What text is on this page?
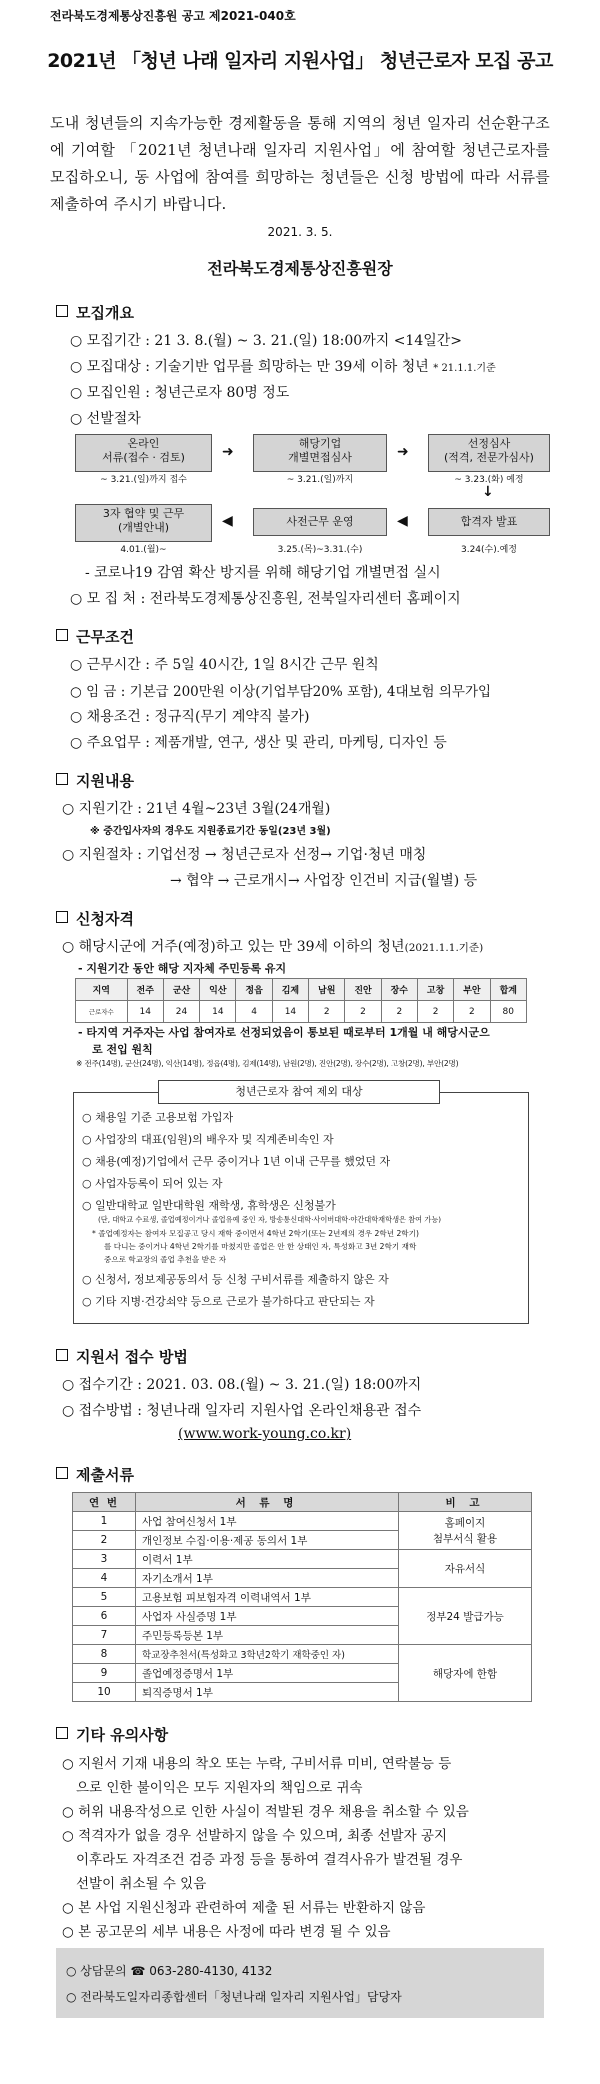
전라북도경제통상진흥원 공고 제2021-040호
2021년 「청년 나래 일자리 지원사업」 청년근로자 모집 공고
도내 청년들의 지속가능한 경제활동을 통해 지역의 청년 일자리 선순환구조에 기여할 「2021년 청년나래 일자리 지원사업」에 참여할 청년근로자를 모집하오니, 동 사업에 참여를 희망하는 청년들은 신청 방법에 따라 서류를 제출하여 주시기 바랍니다.
2021. 3. 5.
전라북도경제통상진흥원장
모집개요
○ 모집기간 : 21 3. 8.(월) ~ 3. 21.(일) 18:00까지 <14일간>
○ 모집대상 : 기술기반 업무를 희망하는 만 39세 이하 청년 * 21.1.1.기준
○ 모집인원 : 청년근로자 80명 정도
○ 선발절차
온라인
서류(접수 · 검토)
~ 3.21.(일)까지 접수
➜
해당기업
개별면접심사
~ 3.21.(일)까지
➜
선정심사
(적격, 전문가심사)
~ 3.23.(화) 예정
↓
3자 협약 및 근무
(개별안내)
4.01.(월)~
◀	사전근무 운영
3.25.(목)~3.31.(수)
◀	합격자 발표
3.24(수).예정
- 코로나19 감염 확산 방지를 위해 해당기업 개별면접 실시
○ 모 집 처 : 전라북도경제통상진흥원, 전북일자리센터 홈페이지
근무조건
○ 근무시간 : 주 5일 40시간, 1일 8시간 근무 원칙
○ 임 금 : 기본급 200만원 이상(기업부담20% 포함), 4대보험 의무가입
○ 채용조건 : 정규직(무기 계약직 불가)
○ 주요업무 : 제품개발, 연구, 생산 및 관리, 마케팅, 디자인 등
지원내용
○ 지원기간 : 21년 4월~23년 3월(24개월)
※ 중간입사자의 경우도 지원종료기간 동일(23년 3월)
○ 지원절차 : 기업선정 → 청년근로자 선정→ 기업·청년 매칭
→ 협약 → 근로개시→ 사업장 인건비 지급(월별) 등
신청자격
○ 해당시군에 거주(예정)하고 있는 만 39세 이하의 청년(2021.1.1.기준)
- 지원기간 동안 해당 지자체 주민등록 유지
지역	전주	군산	익산	정읍	김제	남원	진안	장수	고창	부안	합계
근로자수	14	24	14	4	14	2	2	2	2	2	80
- 타지역 거주자는 사업 참여자로 선정되었음이 통보된 때로부터 1개월 내 해당시군으
로 전입 원칙
※ 전주(14명), 군산(24명), 익산(14명), 정읍(4명), 김제(14명), 남원(2명), 진안(2명), 장수(2명), 고창(2명), 부안(2명)
○ 채용일 기준 고용보험 가입자
○ 사업장의 대표(임원)의 배우자 및 직계존비속인 자
○ 채용(예정)기업에서 근무 중이거나 1년 이내 근무를 했었던 자
○ 사업자등록이 되어 있는 자
○ 일반대학교 일반대학원 재학생, 휴학생은 신청불가
(단, 대학교 수료생, 졸업예정이거나 졸업유예 중인 자, 방송통신대학·사이버대학·야간대학재학생은 참여 가능)
* 졸업예정자는 참여자 모집공고 당시 재학 중이면서 4학년 2학기(또는 2년제의 경우 2학년 2학기)
를 다니는 중이거나 4학년 2학기를 마쳤지만 졸업은 안 한 상태인 자, 특성화고 3년 2학기 재학
중으로 학교장의 졸업 추천을 받은 자
○ 신청서, 정보제공동의서 등 신청 구비서류를 제출하지 않은 자
○ 기타 지병·건강쇠약 등으로 근로가 불가하다고 판단되는 자
청년근로자 참여 제외 대상
지원서 접수 방법
○ 접수기간 : 2021. 03. 08.(월) ~ 3. 21.(일) 18:00까지
○ 접수방법 : 청년나래 일자리 지원사업 온라인채용관 접수
(www.work-young.co.kr)
제출서류
연 번	서 류 명	비 고
1	사업 참여신청서 1부	홈페이지
첨부서식 활용
2	개인정보 수집·이용·제공 동의서 1부	
3	이력서 1부	자유서식
4	자기소개서 1부	
5	고용보험 피보험자격 이력내역서 1부	정부24 발급가능
6	사업자 사실증명 1부	
7	주민등록등본 1부	
8	학교장추천서(특성화고 3학년2학기 재학중인 자)	해당자에 한함
9	졸업예정증명서 1부	
10	퇴직증명서 1부	
기타 유의사항
○ 지원서 기재 내용의 착오 또는 누락, 구비서류 미비, 연락불능 등
으로 인한 불이익은 모두 지원자의 책임으로 귀속
○ 허위 내용작성으로 인한 사실이 적발된 경우 채용을 취소할 수 있음
○ 적격자가 없을 경우 선발하지 않을 수 있으며, 최종 선발자 공지
이후라도 자격조건 검증 과정 등을 통하여 결격사유가 발견될 경우
선발이 취소될 수 있음
○ 본 사업 지원신청과 관련하여 제출 된 서류는 반환하지 않음
○ 본 공고문의 세부 내용은 사정에 따라 변경 될 수 있음
○ 상담문의 ☎ 063-280-4130, 4132
○ 전라북도일자리종합센터「청년나래 일자리 지원사업」담당자
